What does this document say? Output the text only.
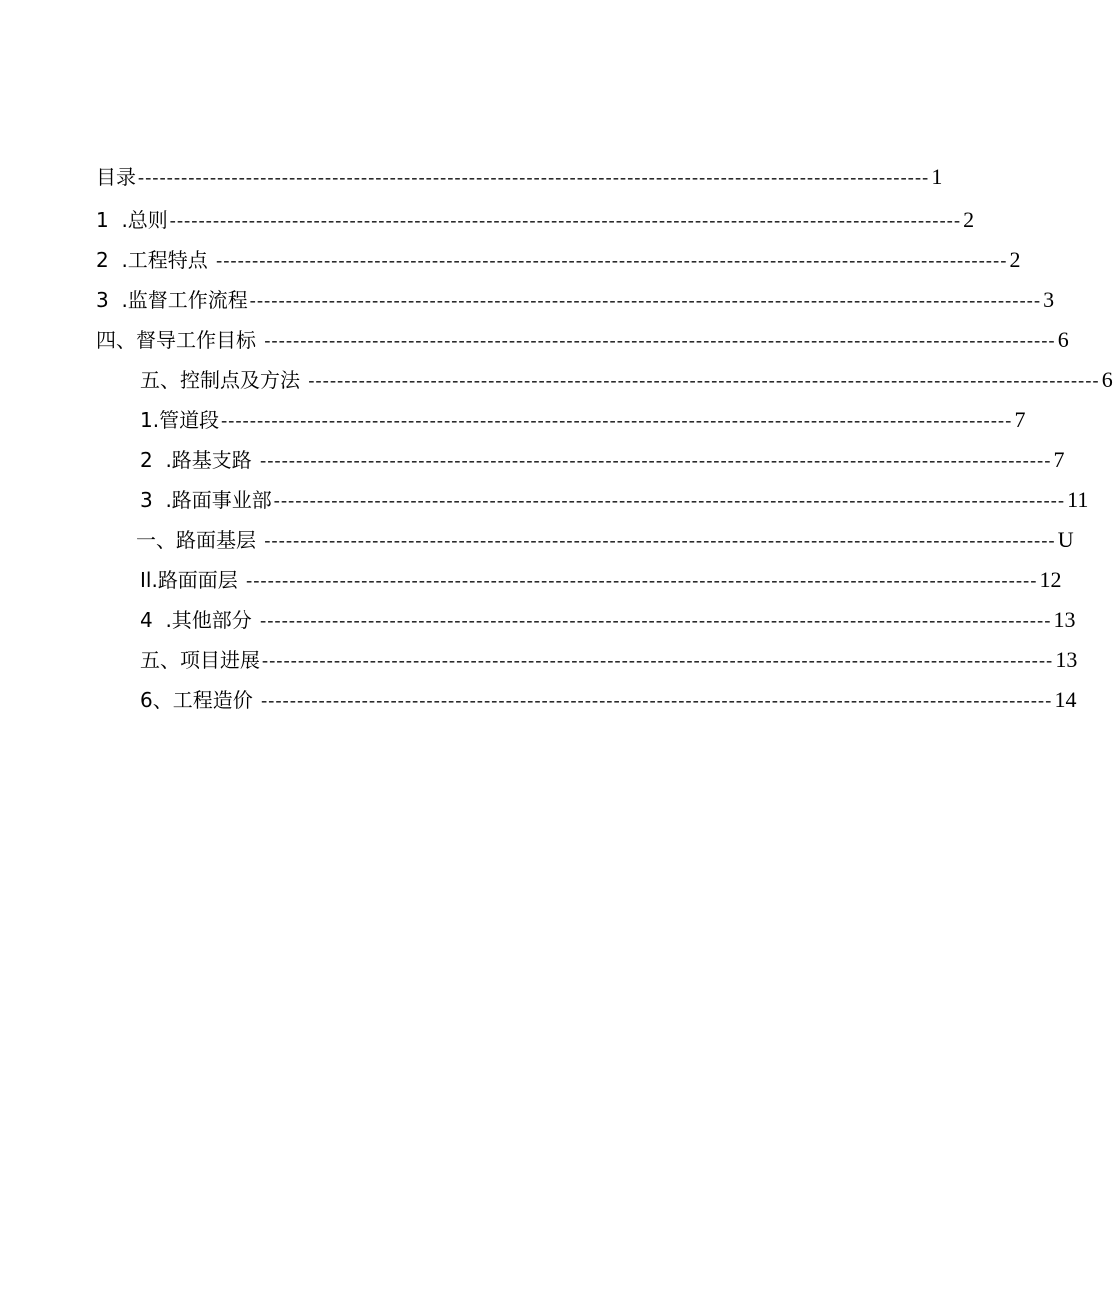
目录 -------------------------------------------------------------------------------------------------------------- 1
1  .总则 -------------------------------------------------------------------------------------------------------------- 2
2  .工程特点 -------------------------------------------------------------------------------------------------------------- 2
3  .监督工作流程 -------------------------------------------------------------------------------------------------------------- 3
四、督导工作目标 -------------------------------------------------------------------------------------------------------------- 6
五、控制点及方法 -------------------------------------------------------------------------------------------------------------- 6
1.管道段 -------------------------------------------------------------------------------------------------------------- 7
2  .路基支路 -------------------------------------------------------------------------------------------------------------- 7
3  .路面事业部 -------------------------------------------------------------------------------------------------------------- 11
一、路面基层 -------------------------------------------------------------------------------------------------------------- U
Il.路面面层 -------------------------------------------------------------------------------------------------------------- 12
4  .其他部分 -------------------------------------------------------------------------------------------------------------- 13
五、项目进展 -------------------------------------------------------------------------------------------------------------- 13
6、工程造价 -------------------------------------------------------------------------------------------------------------- 14
